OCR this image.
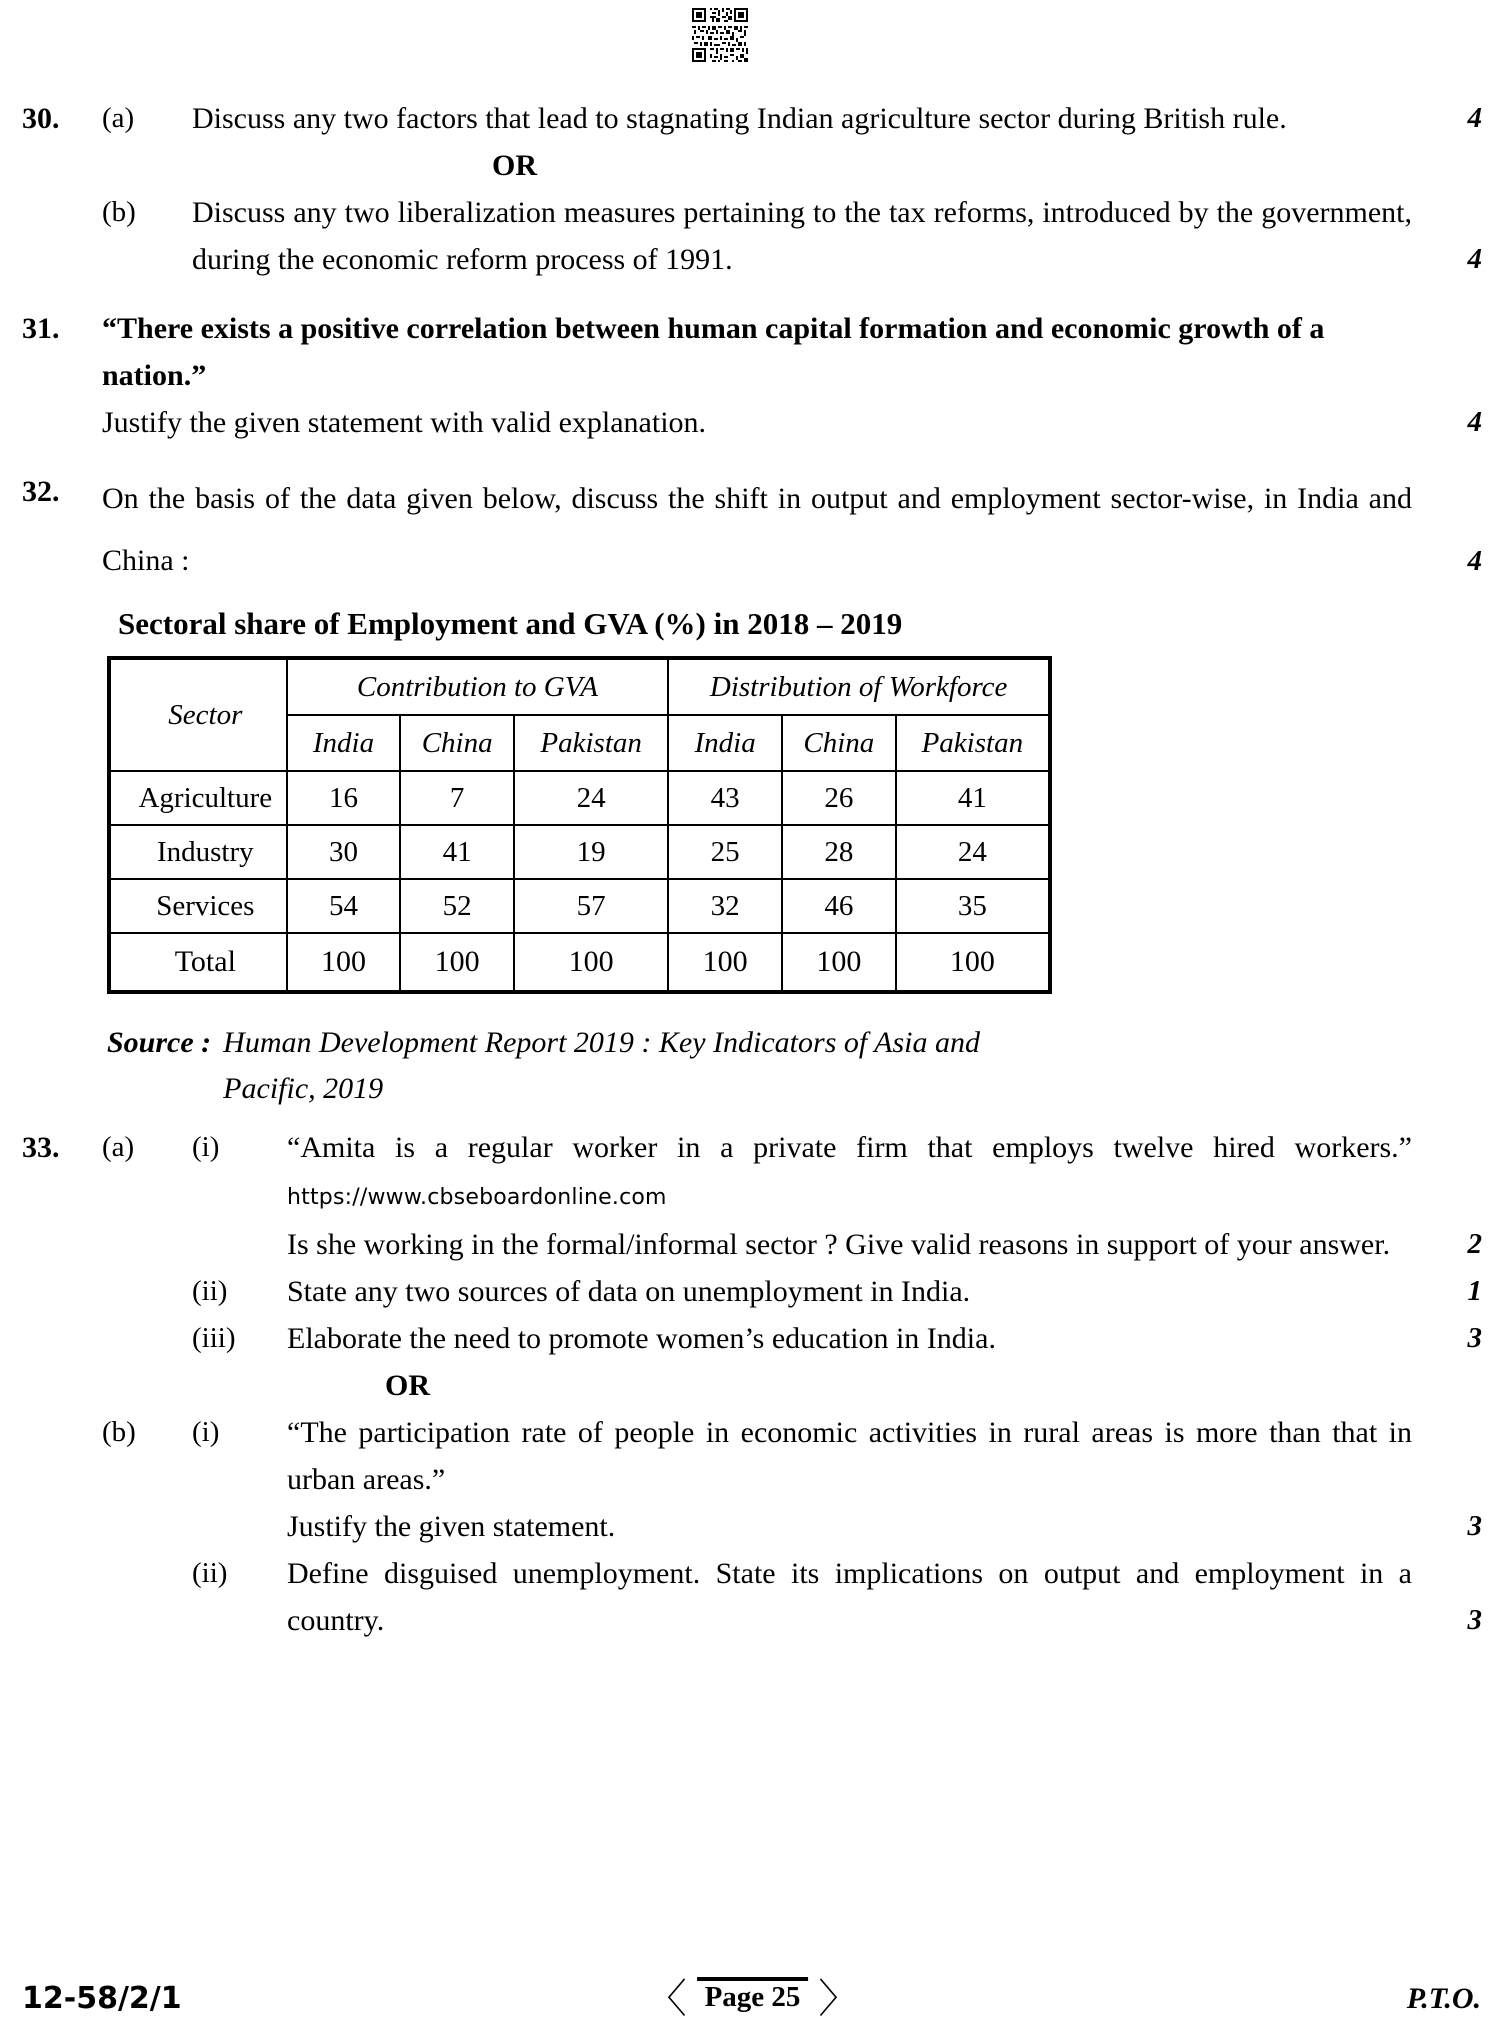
30.	(a)	Discuss any two factors that lead to stagnating Indian agriculture sector during British rule.	4
OR
(b)	Discuss any two liberalization measures pertaining to the tax reforms, introduced by the government, during the economic reform process of 1991.	4
31.	“There exists a positive correlation between human capital formation and economic growth of a nation.”
Justify the given statement with valid explanation.	4
32.	On the basis of the data given below, discuss the shift in output and employment sector-wise, in India and China :	4
Sectoral share of Employment and GVA (%) in 2018 – 2019
Sector	Contribution to GVA			Distribution of Workforce		
	India	China	Pakistan	India	China	Pakistan
Agriculture	16	7	24	43	26	41
Industry	30	41	19	25	28	24
Services	54	52	57	32	46	35
Total	100	100	100	100	100	100
Source : Human Development Report 2019 : Key Indicators of Asia and
Pacific, 2019
33.	(a)	(i)	“Amita is a regular worker in a private firm that employs twelve hired workers.” https://www.cbseboardonline.com
Is she working in the formal/informal sector ? Give valid reasons in support of your answer.	2
(ii)	State any two sources of data on unemployment in India.	1
(iii)	Elaborate the need to promote women’s education in India.	3
OR
(b)	(i)	“The participation rate of people in economic activities in rural areas is more than that in urban areas.”
Justify the given statement.	3
(ii)	Define disguised unemployment. State its implications on output and employment in a country.	3
12-58/2/1	〈 Page 25 〉	P.T.O.
